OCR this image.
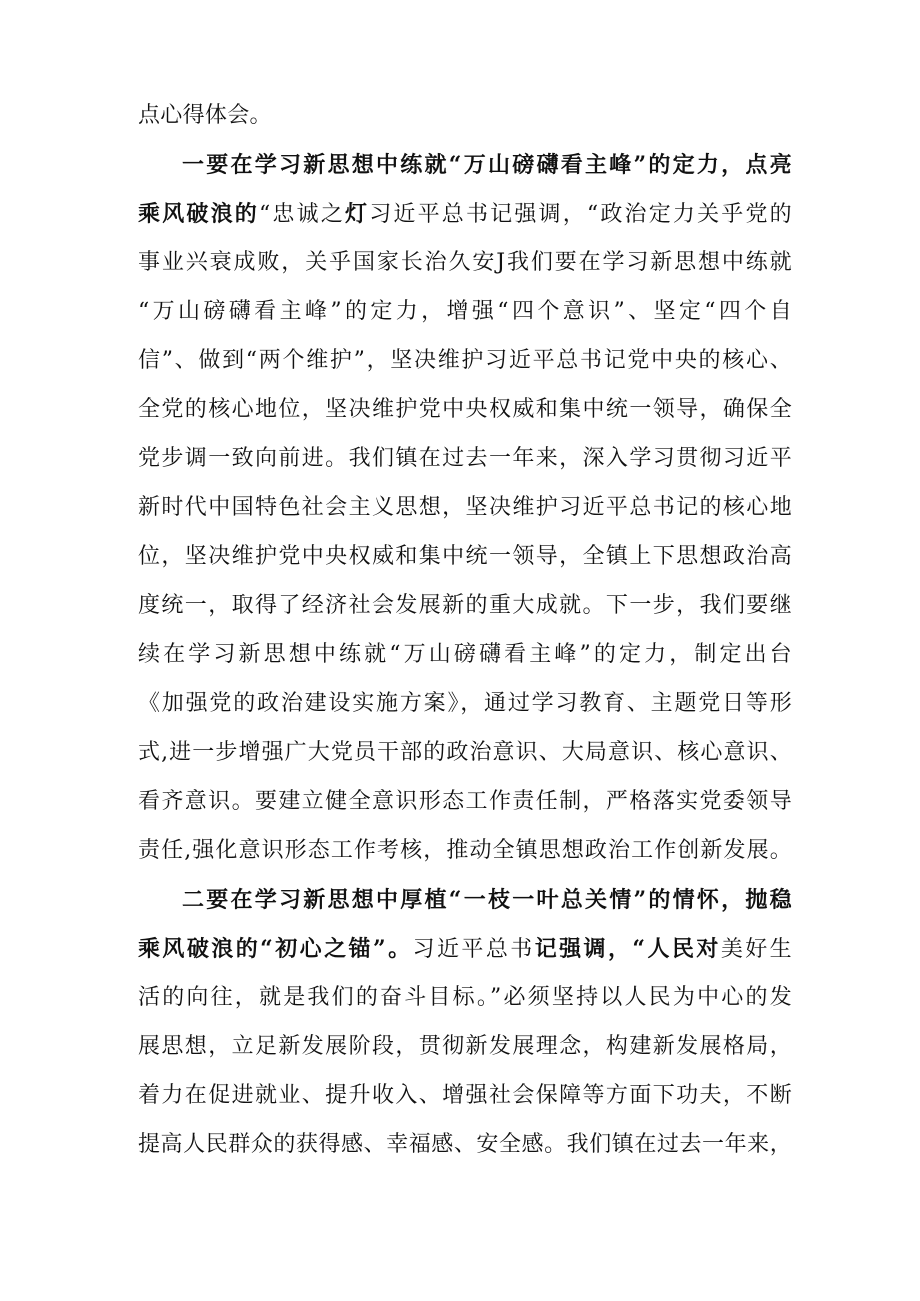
点心得体会。
一要在学习新思想中练就“万山磅礴看主峰”的定力，点亮
乘风破浪的“忠诚之灯习近平总书记强调，“政治定力关乎党的
事业兴衰成败，关乎国家长治久安J我们要在学习新思想中练就
“万山磅礴看主峰”的定力，增强“四个意识”、坚定“四个自
信”、做到“两个维护”，坚决维护习近平总书记党中央的核心、
全党的核心地位，坚决维护党中央权威和集中统一领导，确保全
党步调一致向前进。我们镇在过去一年来，深入学习贯彻习近平
新时代中国特色社会主义思想，坚决维护习近平总书记的核心地
位，坚决维护党中央权威和集中统一领导，全镇上下思想政治高
度统一，取得了经济社会发展新的重大成就。下一步，我们要继
续在学习新思想中练就“万山磅礴看主峰”的定力，制定出台
《加强党的政治建设实施方案》，通过学习教育、主题党日等形
式,进一步增强广大党员干部的政治意识、大局意识、核心意识、
看齐意识。要建立健全意识形态工作责任制，严格落实党委领导
责任,强化意识形态工作考核，推动全镇思想政治工作创新发展。
二要在学习新思想中厚植“一枝一叶总关情”的情怀，抛稳
乘风破浪的“初心之锚”。习近平总书记强调，“人民对美好生
活的向往，就是我们的奋斗目标。”必须坚持以人民为中心的发
展思想，立足新发展阶段，贯彻新发展理念，构建新发展格局，
着力在促进就业、提升收入、增强社会保障等方面下功夫，不断
提高人民群众的获得感、幸福感、安全感。我们镇在过去一年来，
